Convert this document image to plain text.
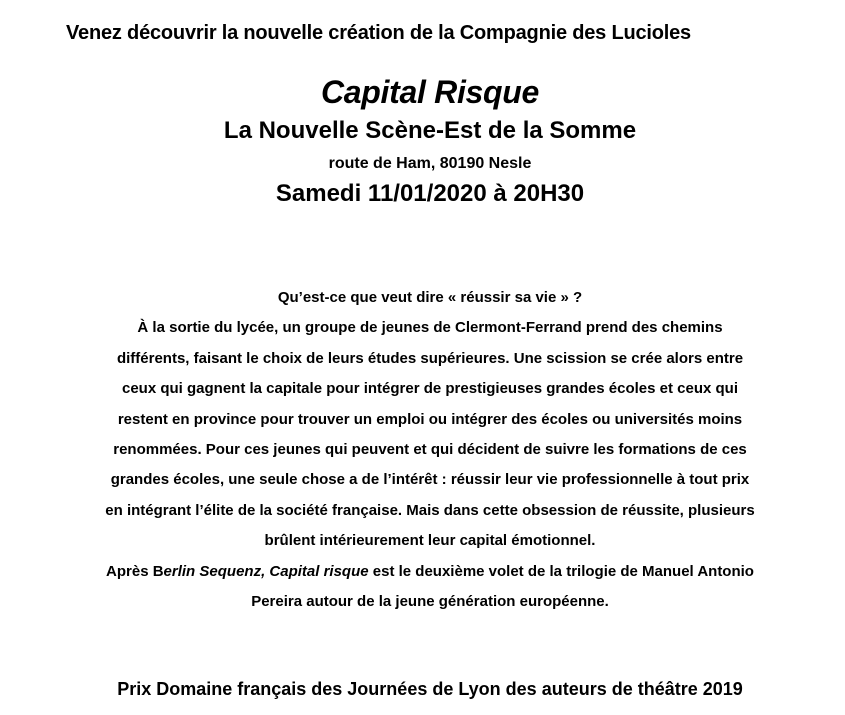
Venez découvrir la nouvelle création de la Compagnie des Lucioles
Capital Risque
La Nouvelle Scène-Est de la Somme
route de Ham, 80190 Nesle
Samedi 11/01/2020 à 20H30
Qu’est-ce que veut dire « réussir sa vie » ?
À la sortie du lycée, un groupe de jeunes de Clermont-Ferrand prend des chemins
différents, faisant le choix de leurs études supérieures. Une scission se crée alors entre
ceux qui gagnent la capitale pour intégrer de prestigieuses grandes écoles et ceux qui
restent en province pour trouver un emploi ou intégrer des écoles ou universités moins
renommées. Pour ces jeunes qui peuvent et qui décident de suivre les formations de ces
grandes écoles, une seule chose a de l’intérêt : réussir leur vie professionnelle à tout prix
en intégrant l’élite de la société française. Mais dans cette obsession de réussite, plusieurs
brûlent intérieurement leur capital émotionnel.
Après Berlin Sequenz, Capital risque est le deuxième volet de la trilogie de Manuel Antonio
Pereira autour de la jeune génération européenne.
Prix Domaine français des Journées de Lyon des auteurs de théâtre 2019
